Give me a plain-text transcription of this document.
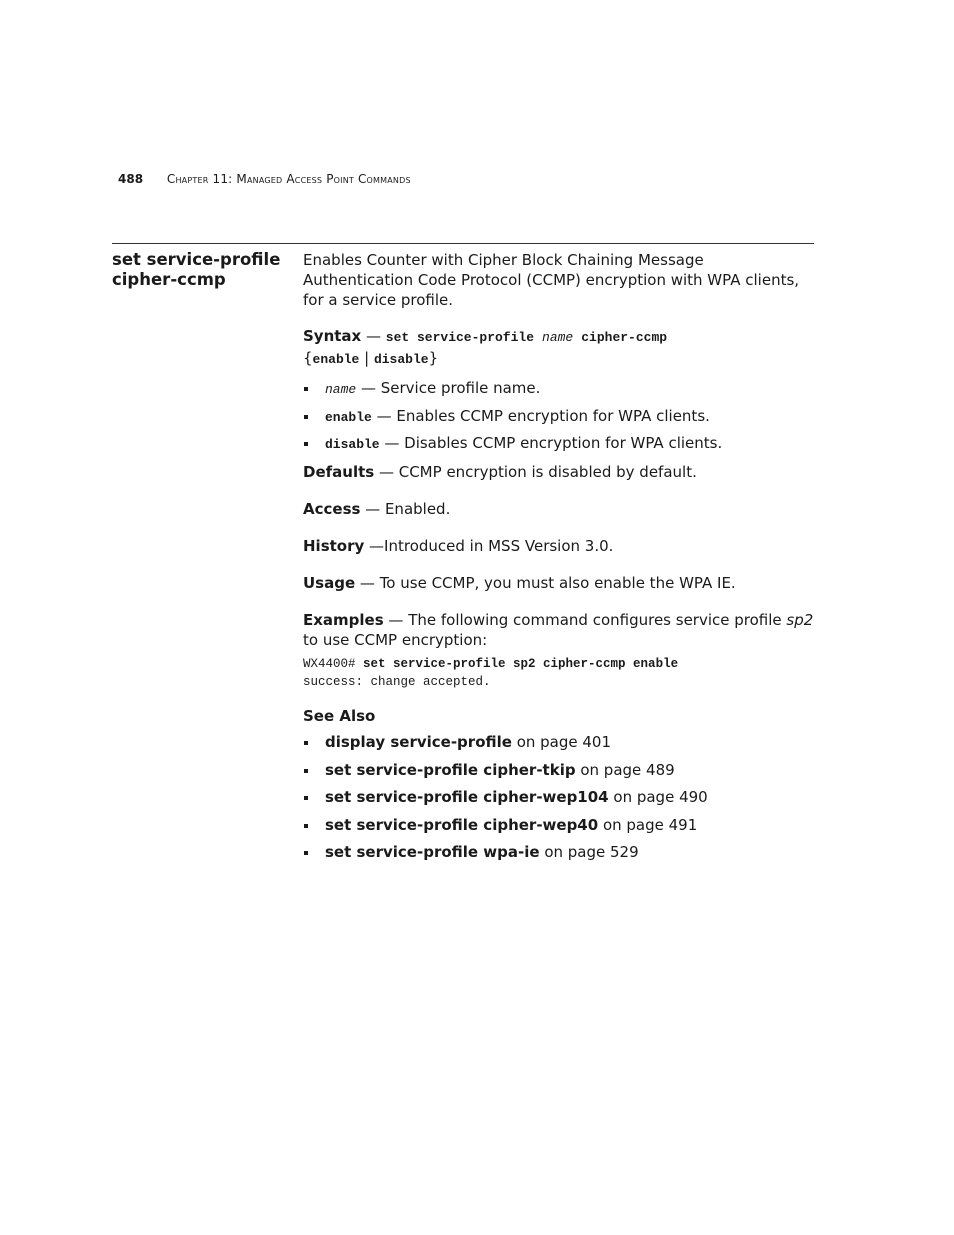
488 Chapter 11: Managed Access Point Commands
set service-profile
cipher-ccmp

Enables Counter with Cipher Block Chaining Message Authentication Code Protocol (CCMP) encryption with WPA clients, for a service profile.

Syntax — set service-profile name cipher-ccmp
{enable | disable}
name — Service profile name.
enable — Enables CCMP encryption for WPA clients.
disable — Disables CCMP encryption for WPA clients.

Defaults — CCMP encryption is disabled by default.

Access — Enabled.

History —Introduced in MSS Version 3.0.

Usage — To use CCMP, you must also enable the WPA IE.

Examples — The following command configures service profile sp2 to use CCMP encryption:

WX4400# set service-profile sp2 cipher-ccmp enable
success: change accepted.

See Also

display service-profile on page 401
set service-profile cipher-tkip on page 489
set service-profile cipher-wep104 on page 490
set service-profile cipher-wep40 on page 491
set service-profile wpa-ie on page 529
